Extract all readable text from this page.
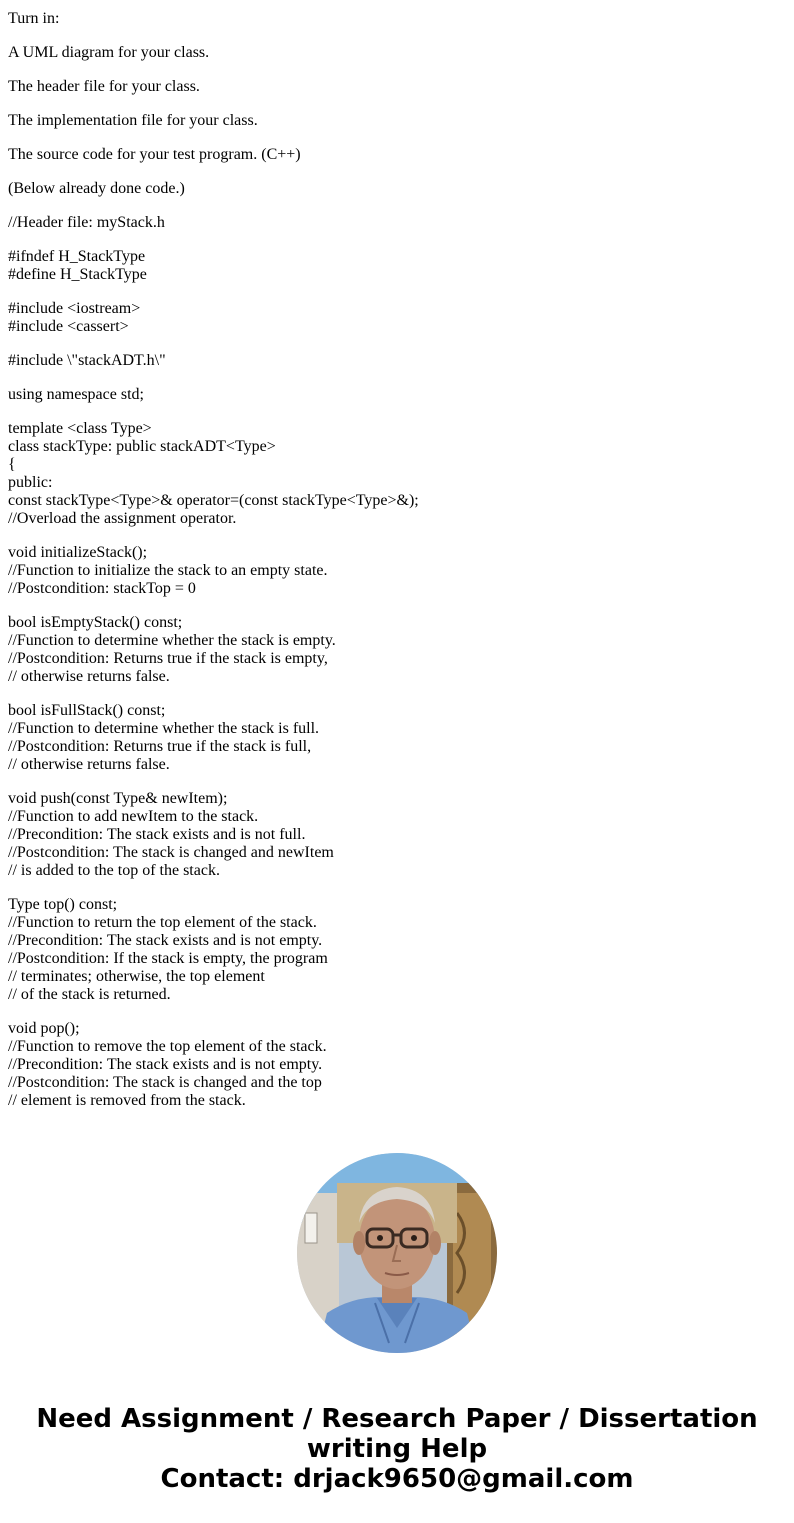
Turn in:
A UML diagram for your class.
The header file for your class.
The implementation file for your class.
The source code for your test program. (C++)
(Below already done code.)
//Header file: myStack.h
#ifndef H_StackType
#define H_StackType
#include <iostream>
#include <cassert>
#include \"stackADT.h\"
using namespace std;
template <class Type>
class stackType: public stackADT<Type>
{
public:
const stackType<Type>& operator=(const stackType<Type>&);
//Overload the assignment operator.
void initializeStack();
//Function to initialize the stack to an empty state.
//Postcondition: stackTop = 0
bool isEmptyStack() const;
//Function to determine whether the stack is empty.
//Postcondition: Returns true if the stack is empty,
// otherwise returns false.
bool isFullStack() const;
//Function to determine whether the stack is full.
//Postcondition: Returns true if the stack is full,
// otherwise returns false.
void push(const Type& newItem);
//Function to add newItem to the stack.
//Precondition: The stack exists and is not full.
//Postcondition: The stack is changed and newItem
// is added to the top of the stack.
Type top() const;
//Function to return the top element of the stack.
//Precondition: The stack exists and is not empty.
//Postcondition: If the stack is empty, the program
// terminates; otherwise, the top element
// of the stack is returned.
void pop();
//Function to remove the top element of the stack.
//Precondition: The stack exists and is not empty.
//Postcondition: The stack is changed and the top
// element is removed from the stack.
Need Assignment / Research Paper / Dissertation
writing Help
Contact: drjack9650@gmail.com
